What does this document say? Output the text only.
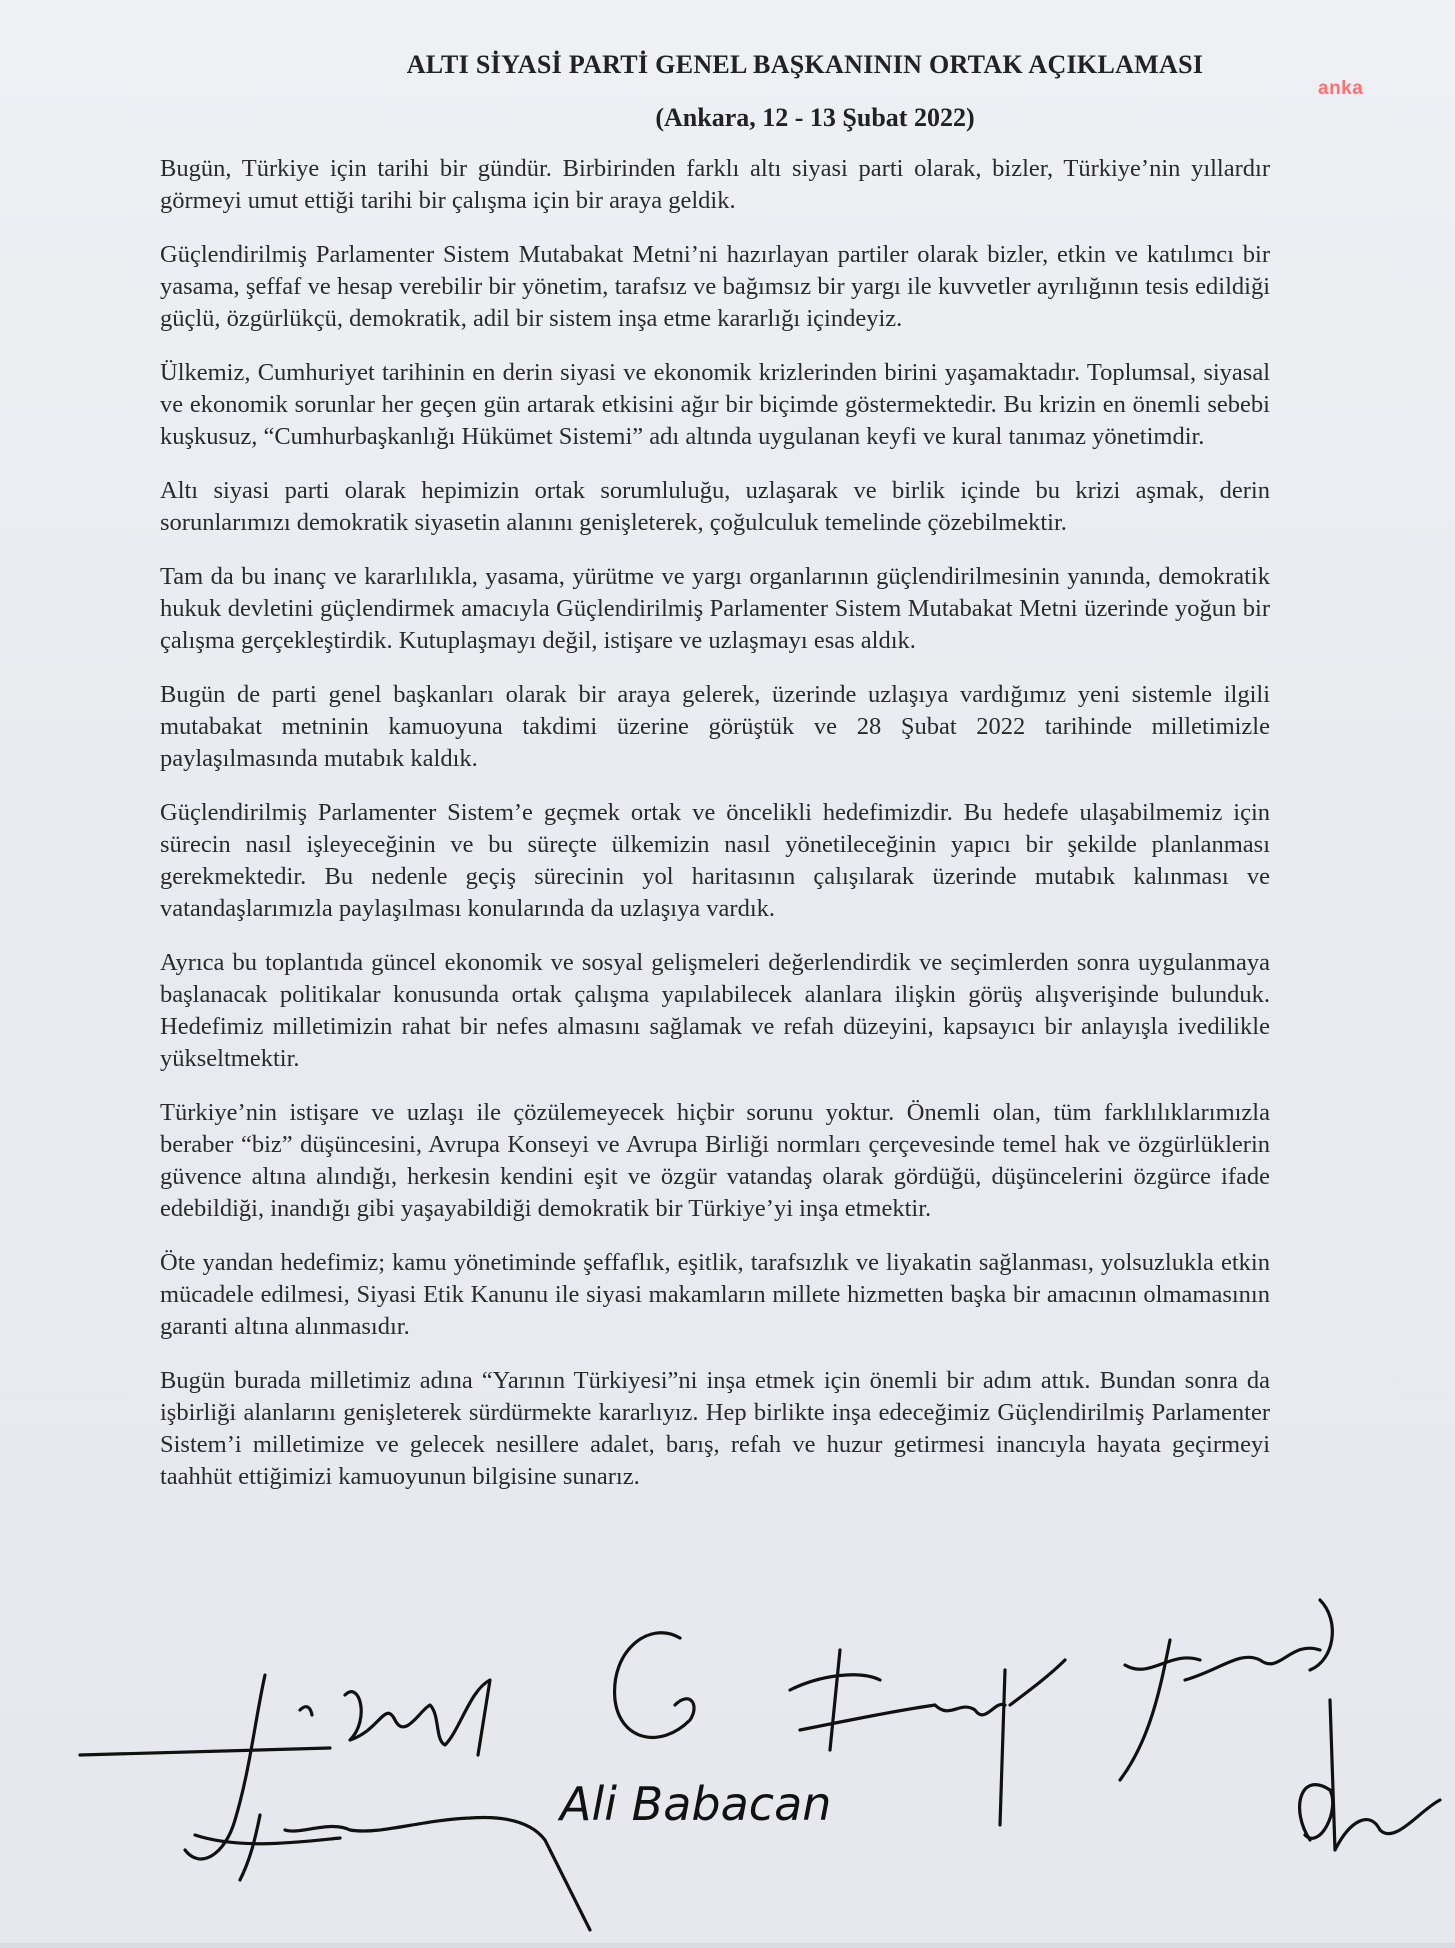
anka
ALTI SİYASİ PARTİ GENEL BAŞKANININ ORTAK AÇIKLAMASI
(Ankara, 12 - 13 Şubat 2022)

Bugün, Türkiye için tarihi bir gündür. Birbirinden farklı altı siyasi parti olarak, bizler, Türkiye’nin yıllardır görmeyi umut ettiği tarihi bir çalışma için bir araya geldik.

Güçlendirilmiş Parlamenter Sistem Mutabakat Metni’ni hazırlayan partiler olarak bizler, etkin ve katılımcı bir yasama, şeffaf ve hesap verebilir bir yönetim, tarafsız ve bağımsız bir yargı ile kuvvetler ayrılığının tesis edildiği güçlü, özgürlükçü, demokratik, adil bir sistem inşa etme kararlığı içindeyiz.

Ülkemiz, Cumhuriyet tarihinin en derin siyasi ve ekonomik krizlerinden birini yaşamaktadır. Toplumsal, siyasal ve ekonomik sorunlar her geçen gün artarak etkisini ağır bir biçimde göstermektedir. Bu krizin en önemli sebebi kuşkusuz, “Cumhurbaşkanlığı Hükümet Sistemi” adı altında uygulanan keyfi ve kural tanımaz yönetimdir.

Altı siyasi parti olarak hepimizin ortak sorumluluğu, uzlaşarak ve birlik içinde bu krizi aşmak, derin sorunlarımızı demokratik siyasetin alanını genişleterek, çoğulculuk temelinde çözebilmektir.

Tam da bu inanç ve kararlılıkla, yasama, yürütme ve yargı organlarının güçlendirilmesinin yanında, demokratik hukuk devletini güçlendirmek amacıyla Güçlendirilmiş Parlamenter Sistem Mutabakat Metni üzerinde yoğun bir çalışma gerçekleştirdik. Kutuplaşmayı değil, istişare ve uzlaşmayı esas aldık.

Bugün de parti genel başkanları olarak bir araya gelerek, üzerinde uzlaşıya vardığımız yeni sistemle ilgili mutabakat metninin kamuoyuna takdimi üzerine görüştük ve 28 Şubat 2022 tarihinde milletimizle paylaşılmasında mutabık kaldık.

Güçlendirilmiş Parlamenter Sistem’e geçmek ortak ve öncelikli hedefimizdir. Bu hedefe ulaşabilmemiz için sürecin nasıl işleyeceğinin ve bu süreçte ülkemizin nasıl yönetileceğinin yapıcı bir şekilde planlanması gerekmektedir. Bu nedenle geçiş sürecinin yol haritasının çalışılarak üzerinde mutabık kalınması ve vatandaşlarımızla paylaşılması konularında da uzlaşıya vardık.

Ayrıca bu toplantıda güncel ekonomik ve sosyal gelişmeleri değerlendirdik ve seçimlerden sonra uygulanmaya başlanacak politikalar konusunda ortak çalışma yapılabilecek alanlara ilişkin görüş alışverişinde bulunduk. Hedefimiz milletimizin rahat bir nefes almasını sağlamak ve refah düzeyini, kapsayıcı bir anlayışla ivedilikle yükseltmektir.

Türkiye’nin istişare ve uzlaşı ile çözülemeyecek hiçbir sorunu yoktur. Önemli olan, tüm farklılıklarımızla beraber “biz” düşüncesini, Avrupa Konseyi ve Avrupa Birliği normları çerçevesinde temel hak ve özgürlüklerin güvence altına alındığı, herkesin kendini eşit ve özgür vatandaş olarak gördüğü, düşüncelerini özgürce ifade edebildiği, inandığı gibi yaşayabildiği demokratik bir Türkiye’yi inşa etmektir.

Öte yandan hedefimiz; kamu yönetiminde şeffaflık, eşitlik, tarafsızlık ve liyakatin sağlanması, yolsuzlukla etkin mücadele edilmesi, Siyasi Etik Kanunu ile siyasi makamların millete hizmetten başka bir amacının olmamasının garanti altına alınmasıdır.

Bugün burada milletimiz adına “Yarının Türkiyesi”ni inşa etmek için önemli bir adım attık. Bundan sonra da işbirliği alanlarını genişleterek sürdürmekte kararlıyız. Hep birlikte inşa edeceğimiz Güçlendirilmiş Parlamenter Sistem’i milletimize ve gelecek nesillere adalet, barış, refah ve huzur getirmesi inancıyla hayata geçirmeyi taahhüt ettiğimizi kamuoyunun bilgisine sunarız.

Ali Babacan
